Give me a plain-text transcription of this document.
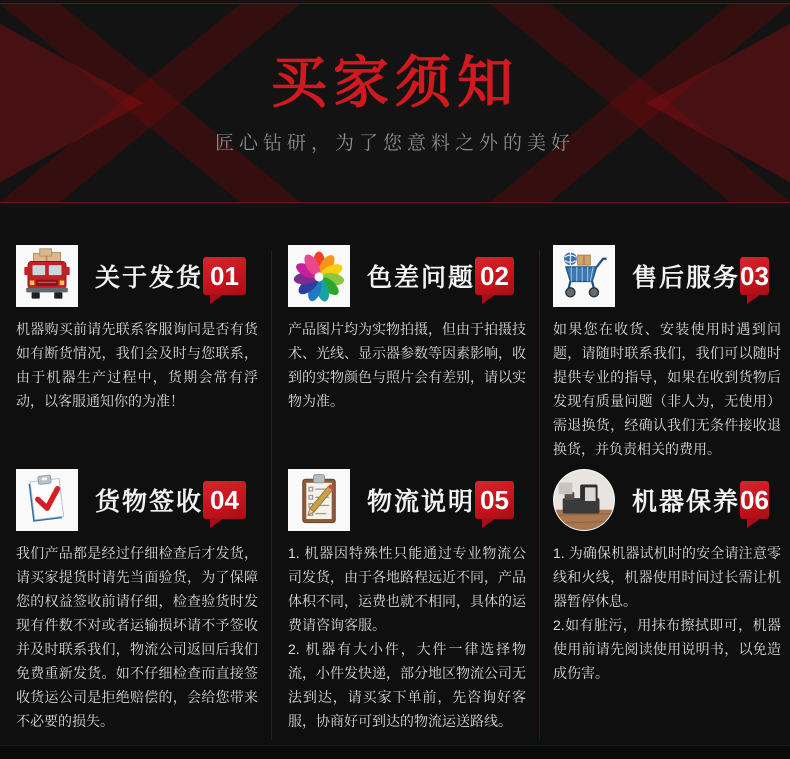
买家须知
匠心钻研，为了您意料之外的美好
关于发货 01

机器购买前请先联系客服询问是否有货如有断货情况，我们会及时与您联系，由于机器生产过程中，货期会常有浮动，以客服通知你的为准！

色差问题 02

产品图片均为实物拍摄，但由于拍摄技术、光线、显示器参数等因素影响，收到的实物颜色与照片会有差别，请以实物为准。

售后服务 03

如果您在收货、安装使用时遇到问题，请随时联系我们，我们可以随时提供专业的指导，如果在收到货物后发现有质量问题（非人为，无使用）需退换货，经确认我们无条件接收退换货，并负责相关的费用。

货物签收 04

我们产品都是经过仔细检查后才发货，请买家提货时请先当面验货，为了保障您的权益签收前请仔细，检查验货时发现有件数不对或者运输损坏请不予签收并及时联系我们，物流公司返回后我们免费重新发货。如不仔细检查而直接签收货运公司是拒绝赔偿的，会给您带来不必要的损失。

物流说明 05

1. 机器因特殊性只能通过专业物流公司发货，由于各地路程远近不同，产品体积不同，运费也就不相同，具体的运费请咨询客服。

2. 机器有大小件，大件一律选择物流，小件发快递，部分地区物流公司无法到达，请买家下单前，先咨询好客服，协商好可到达的物流运送路线。

机器保养 06

1. 为确保机器试机时的安全请注意零线和火线，机器使用时间过长需让机器暂停休息。

2.如有脏污，用抹布擦拭即可，机器使用前请先阅读使用说明书，以免造成伤害。
